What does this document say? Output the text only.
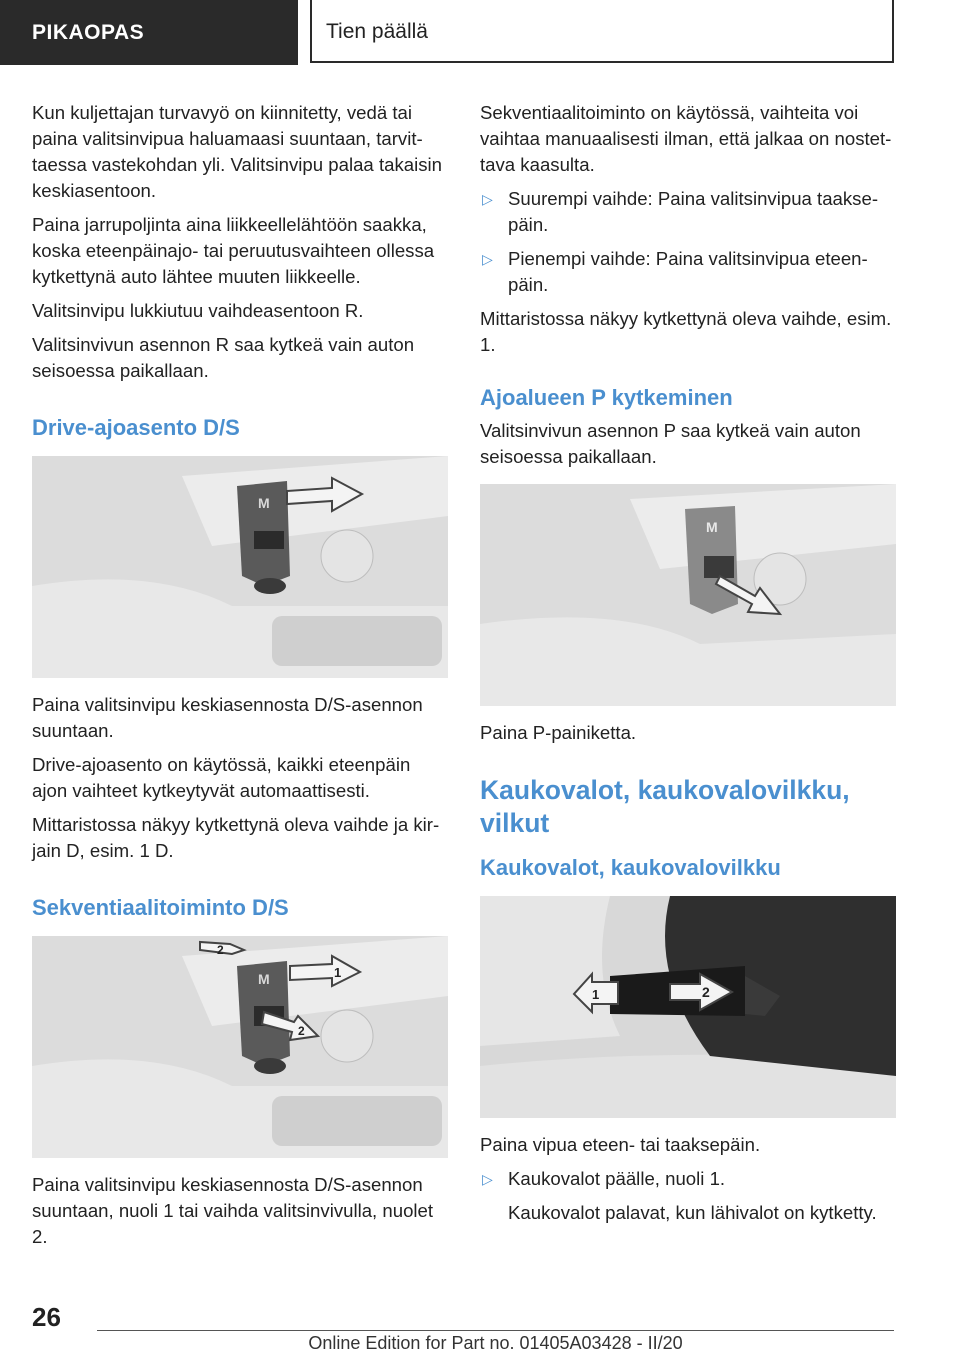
PIKAOPAS	Tien päällä

Kun kuljettajan turvavyö on kiinnitetty, vedä tai paina valitsinvipua haluamaasi suuntaan, tarvittaessa vastekohdan yli. Valitsinvipu palaa takaisin keskiasentoon.

Paina jarrupoljinta aina liikkeellelähtöön saakka, koska eteenpäinajo- tai peruutusvaihteen ollessa kytkettynä auto lähtee muuten liikkeelle.

Valitsinvipu lukkiutuu vaihdeasentoon R.

Valitsinvivun asennon R saa kytkeä vain auton seisoessa paikallaan.

Drive-ajoasento D/S
M

Paina valitsinvipu keskiasennosta D/S-asennon suuntaan.

Drive-ajoasento on käytössä, kaikki eteenpäin ajon vaihteet kytkeytyvät automaattisesti.

Mittaristossa näkyy kytkettynä oleva vaihde ja kirjain D, esim. 1 D.

Sekventiaalitoiminto D/S
M
2
1
2

Paina valitsinvipu keskiasennosta D/S-asennon suuntaan, nuoli 1 tai vaihda valitsinvivulla, nuolet 2.

Sekventiaalitoiminto on käytössä, vaihteita voi vaihtaa manuaalisesti ilman, että jalkaa on nostettava kaasulta.

▷ Suurempi vaihde: Paina valitsinvipua taaksepäin.
▷ Pienempi vaihde: Paina valitsinvipua eteenpäin.

Mittaristossa näkyy kytkettynä oleva vaihde, esim. 1.

Ajoalueen P kytkeminen

Valitsinvivun asennon P saa kytkeä vain auton seisoessa paikallaan.

M

Paina P-painiketta.

Kaukovalot, kaukovalovilkku, vilkut
Kaukovalot, kaukovalovilkku
2
1

Paina vipua eteen- tai taaksepäin.

▷ Kaukovalot päälle, nuoli 1.

Kaukovalot palavat, kun lähivalot on kytketty.

26
Online Edition for Part no. 01405A03428 - II/20
